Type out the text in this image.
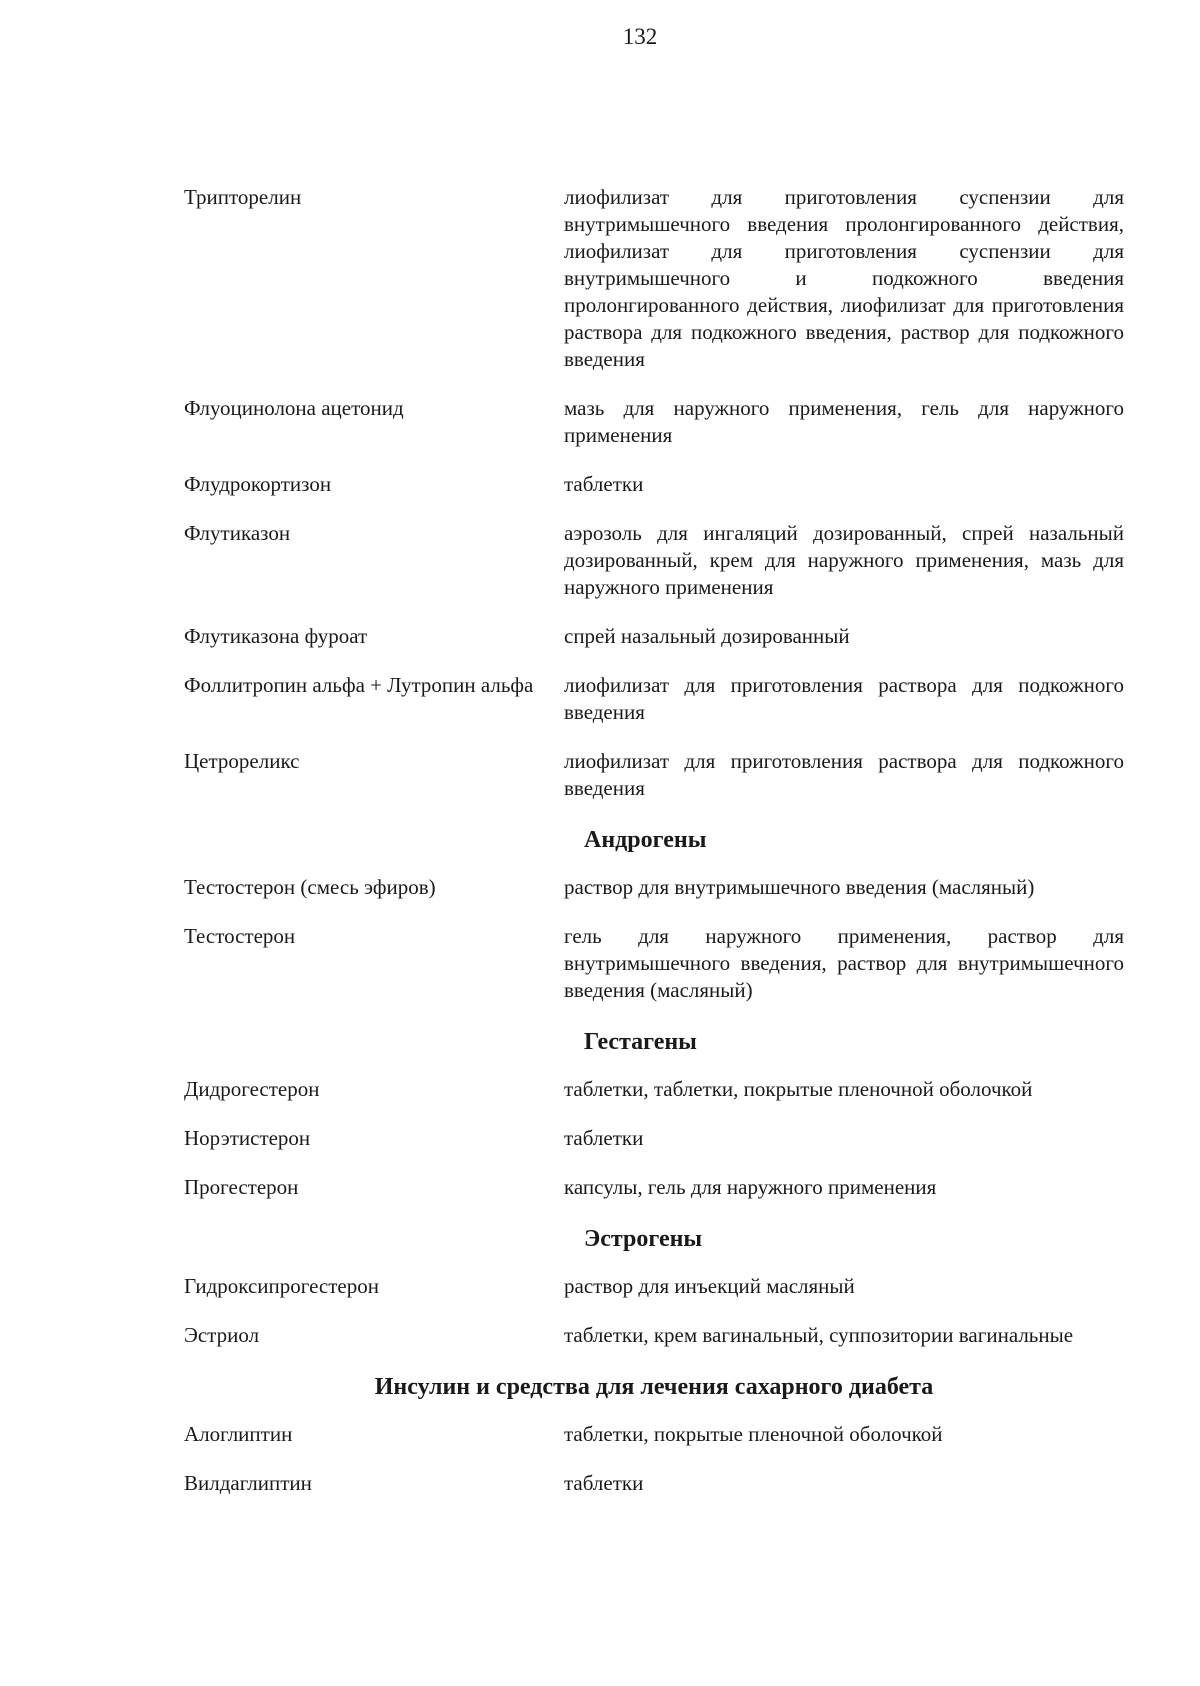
132
Трипторелин	лиофилизат для приготовления суспензии для внутримышечного введения пролонгированного действия, лиофилизат для приготовления суспензии для внутримышечного и подкожного введения пролонгированного действия, лиофилизат для приготовления раствора для подкожного введения, раствор для подкожного введения
Флуоцинолона ацетонид	мазь для наружного применения, гель для наружного применения
Флудрокортизон	таблетки
Флутиказон	аэрозоль для ингаляций дозированный, спрей назальный дозированный, крем для наружного применения, мазь для наружного применения
Флутиказона фуроат	спрей назальный дозированный
Фоллитропин альфа + Лутропин альфа	лиофилизат для приготовления раствора для подкожного введения
Цетрореликс	лиофилизат для приготовления раствора для подкожного введения
Андрогены
Тестостерон (смесь эфиров)	раствор для внутримышечного введения (масляный)
Тестостерон	гель для наружного применения, раствор для внутримышечного введения, раствор для внутримышечного введения (масляный)
Гестагены
Дидрогестерон	таблетки, таблетки, покрытые пленочной оболочкой
Норэтистерон	таблетки
Прогестерон	капсулы, гель для наружного применения
Эстрогены
Гидроксипрогестерон	раствор для инъекций масляный
Эстриол	таблетки, крем вагинальный, суппозитории вагинальные
Инсулин и средства для лечения сахарного диабета
Алоглиптин	таблетки, покрытые пленочной оболочкой
Вилдаглиптин	таблетки
